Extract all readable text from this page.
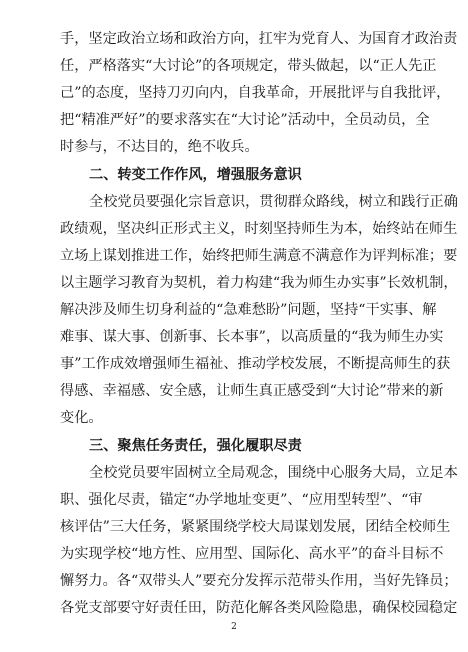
手，坚定政治立场和政治方向，扛牢为党育人、为国育才政治责
任，严格落实“大讨论”的各项规定，带头做起，以“正人先正
己”的态度，坚持刀刃向内，自我革命，开展批评与自我批评，
把“精准严好”的要求落实在“大讨论”活动中，全员动员，全
时参与，不达目的，绝不收兵。
二、转变工作作风，增强服务意识
全校党员要强化宗旨意识，贯彻群众路线，树立和践行正确
政绩观，坚决纠正形式主义，时刻坚持师生为本，始终站在师生
立场上谋划推进工作，始终把师生满意不满意作为评判标准；要
以主题学习教育为契机，着力构建“我为师生办实事”长效机制，
解决涉及师生切身利益的“急难愁盼”问题，坚持“干实事、解
难事、谋大事、创新事、长本事”，以高质量的“我为师生办实
事”工作成效增强师生福祉、推动学校发展，不断提高师生的获
得感、幸福感、安全感，让师生真正感受到“大讨论”带来的新
变化。
三、聚焦任务责任，强化履职尽责
全校党员要牢固树立全局观念，围绕中心服务大局，立足本
职、强化尽责，锚定“办学地址变更”、“应用型转型”、“审
核评估”三大任务，紧紧围绕学校大局谋划发展，团结全校师生
为实现学校“地方性、应用型、国际化、高水平”的奋斗目标不
懈努力。各“双带头人”要充分发挥示范带头作用，当好先锋员；
各党支部要守好责任田，防范化解各类风险隐患，确保校园稳定
2
